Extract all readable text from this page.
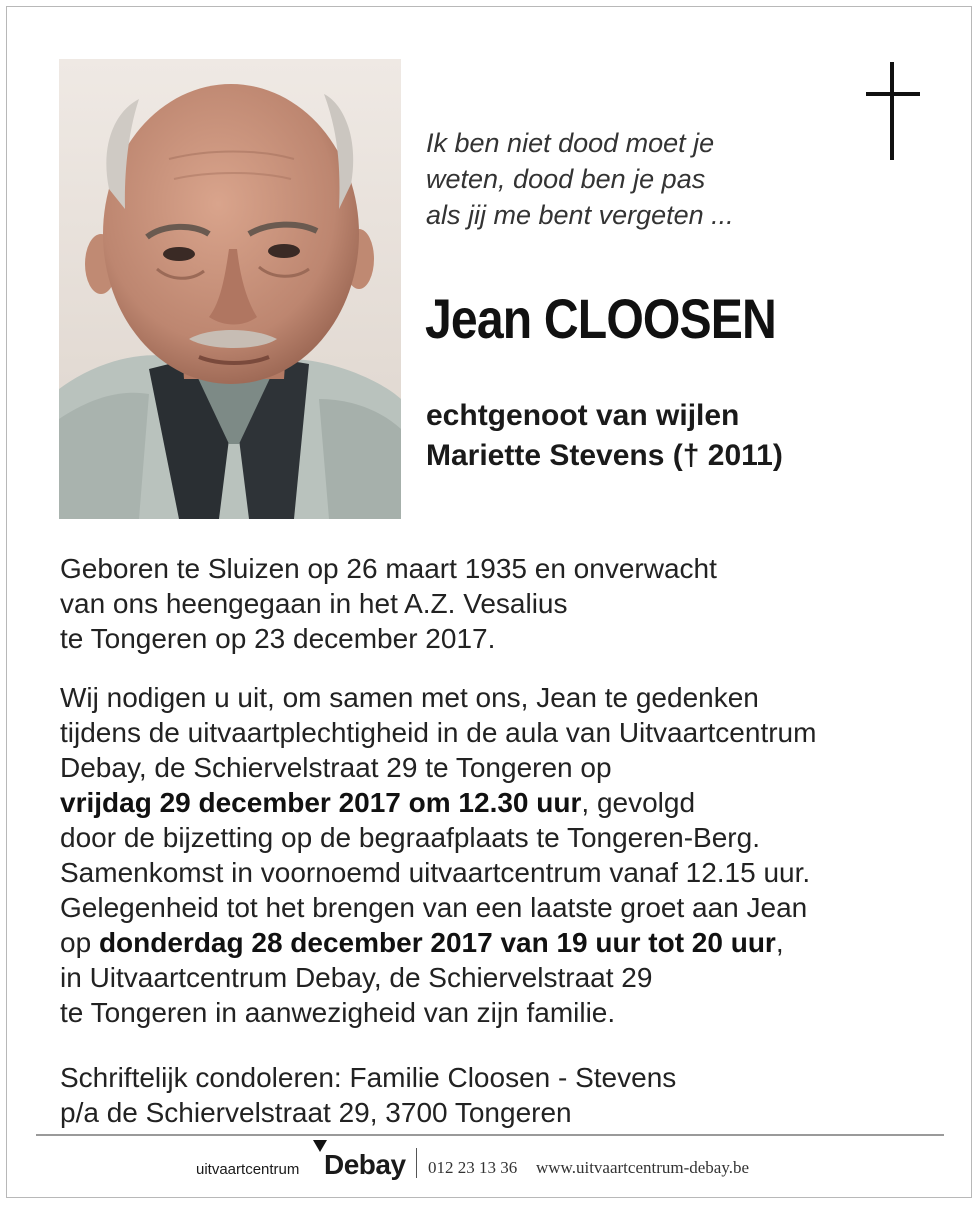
Ik ben niet dood moet je
weten, dood ben je pas
als jij me bent vergeten ...
Jean CLOOSEN
echtgenoot van wijlen
Mariette Stevens († 2011)
Geboren te Sluizen op 26 maart 1935 en onverwacht
van ons heengegaan in het A.Z. Vesalius
te Tongeren op 23 december 2017.
Wij nodigen u uit, om samen met ons, Jean te gedenken
tijdens de uitvaartplechtigheid in de aula van Uitvaartcentrum
Debay, de Schiervelstraat 29 te Tongeren op
vrijdag 29 december 2017 om 12.30 uur, gevolgd
door de bijzetting op de begraafplaats te Tongeren-Berg.
Samenkomst in voornoemd uitvaartcentrum vanaf 12.15 uur.
Gelegenheid tot het brengen van een laatste groet aan Jean
op donderdag 28 december 2017 van 19 uur tot 20 uur,
in Uitvaartcentrum Debay, de Schiervelstraat 29
te Tongeren in aanwezigheid van zijn familie.
Schriftelijk condoleren: Familie Cloosen - Stevens
p/a de Schiervelstraat 29, 3700 Tongeren
uitvaartcentrum Debay 012 23 13 36 www.uitvaartcentrum-debay.be
